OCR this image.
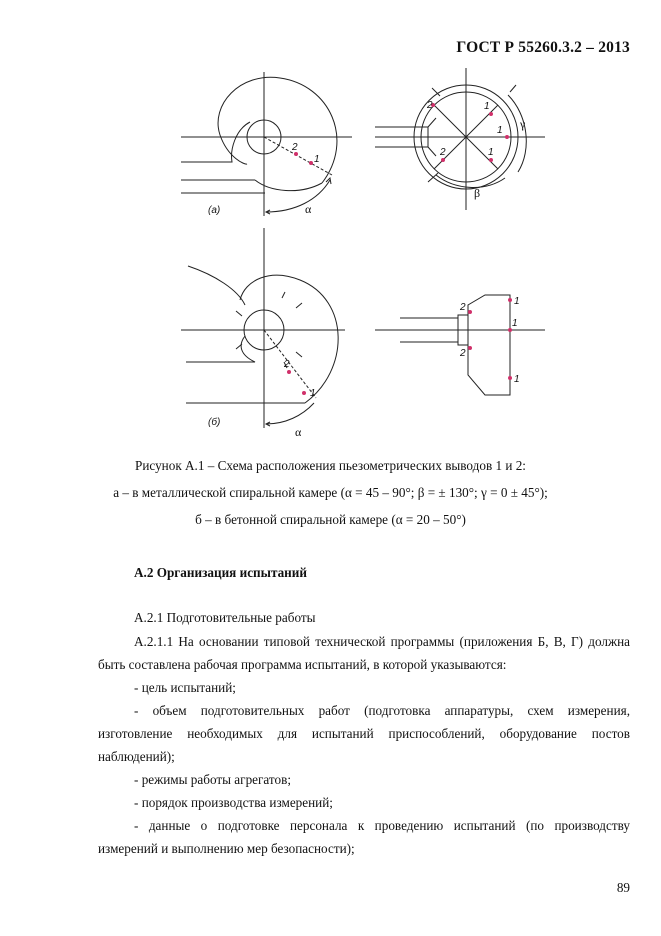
ГОСТ Р 55260.3.2 – 2013
(а)
(б)
2
1
2	1
1
2	1
2
1
2
2
1
1
1
α
α
γ
β
Рисунок А.1 – Схема расположения пьезометрических выводов 1 и 2:
а – в металлической спиральной камере (α = 45 – 90°; β = ± 130°; γ = 0 ± 45°);
б – в бетонной спиральной камере (α = 20 – 50°)
А.2 Организация испытаний
А.2.1 Подготовительные работы
А.2.1.1 На основании типовой технической программы (приложения Б, В, Г) должна
быть составлена рабочая программа испытаний, в которой указываются:
- цель испытаний;
- объем подготовительных работ (подготовка аппаратуры, схем измерения,
изготовление необходимых для испытаний приспособлений, оборудование постов
наблюдений);
- режимы работы агрегатов;
- порядок производства измерений;
- данные о подготовке персонала к проведению испытаний (по производству
измерений и выполнению мер безопасности);
89
